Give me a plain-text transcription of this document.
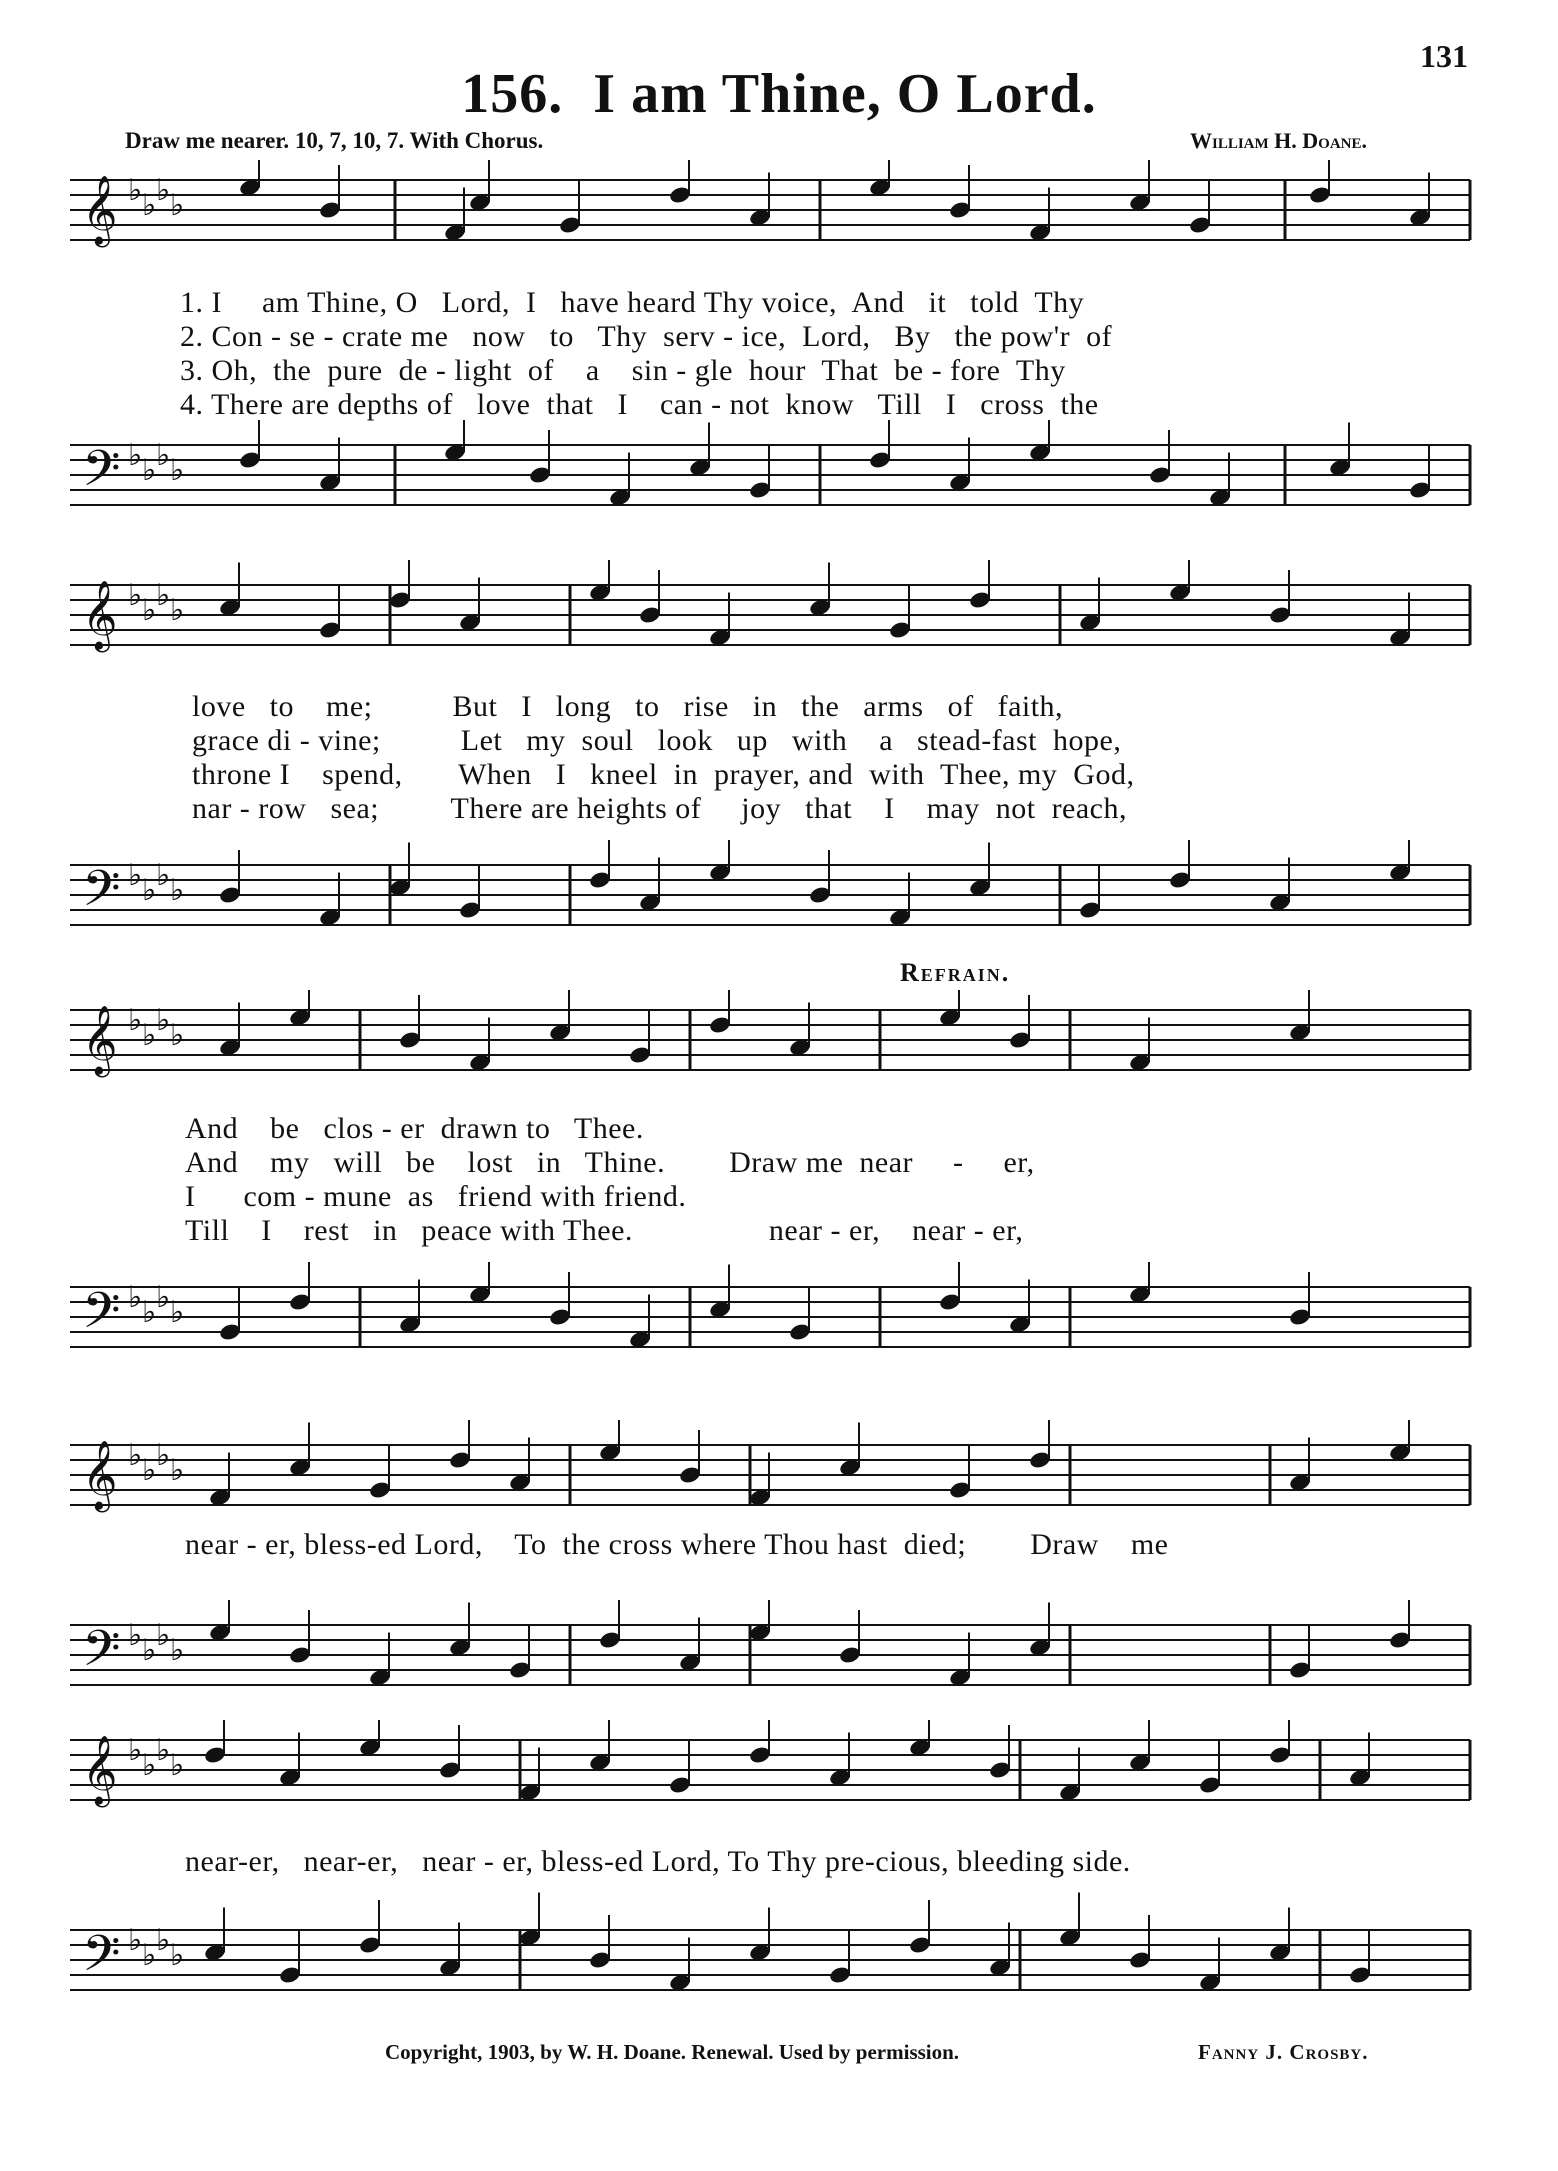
131
156. I am Thine, O Lord.
Draw me nearer. 10, 7, 10, 7. With Chorus.	William H. Doane.
𝄞 ♭ ♭ ♭ ♭
1. I     am Thine, O   Lord,  I   have heard Thy voice,  And   it   told  Thy
2. Con - se - crate me   now   to   Thy  serv - ice,  Lord,   By   the pow'r  of
3. Oh,  the  pure  de - light  of    a    sin - gle  hour  That  be - fore  Thy
4. There are depths of   love  that   I    can - not  know   Till   I   cross  the
𝄢 ♭ ♭ ♭ ♭
𝄞 ♭ ♭ ♭ ♭
love   to    me;          But   I   long   to   rise   in   the   arms   of   faith,
grace di - vine;          Let   my  soul   look   up   with    a   stead-fast  hope,
throne I    spend,       When   I   kneel  in  prayer, and  with  Thee, my  God,
nar - row   sea;         There are heights of     joy   that    I    may  not  reach,
𝄢 ♭ ♭ ♭ ♭
Refrain.
𝄞 ♭ ♭ ♭ ♭
And    be   clos - er  drawn to   Thee.
And    my   will   be    lost   in   Thine.        Draw me  near     -     er,
I      com - mune  as   friend with friend.
Till    I    rest   in   peace with Thee.                 near - er,    near - er,
𝄢 ♭ ♭ ♭ ♭
𝄞 ♭ ♭ ♭ ♭
near - er, bless-ed Lord,    To  the cross where Thou hast  died;        Draw    me
𝄢 ♭ ♭ ♭ ♭
𝄞 ♭ ♭ ♭ ♭
near-er,   near-er,   near - er, bless-ed Lord, To Thy pre-cious, bleeding side.
𝄢 ♭ ♭ ♭ ♭
Copyright, 1903, by W. H. Doane. Renewal. Used by permission.	Fanny J. Crosby.
